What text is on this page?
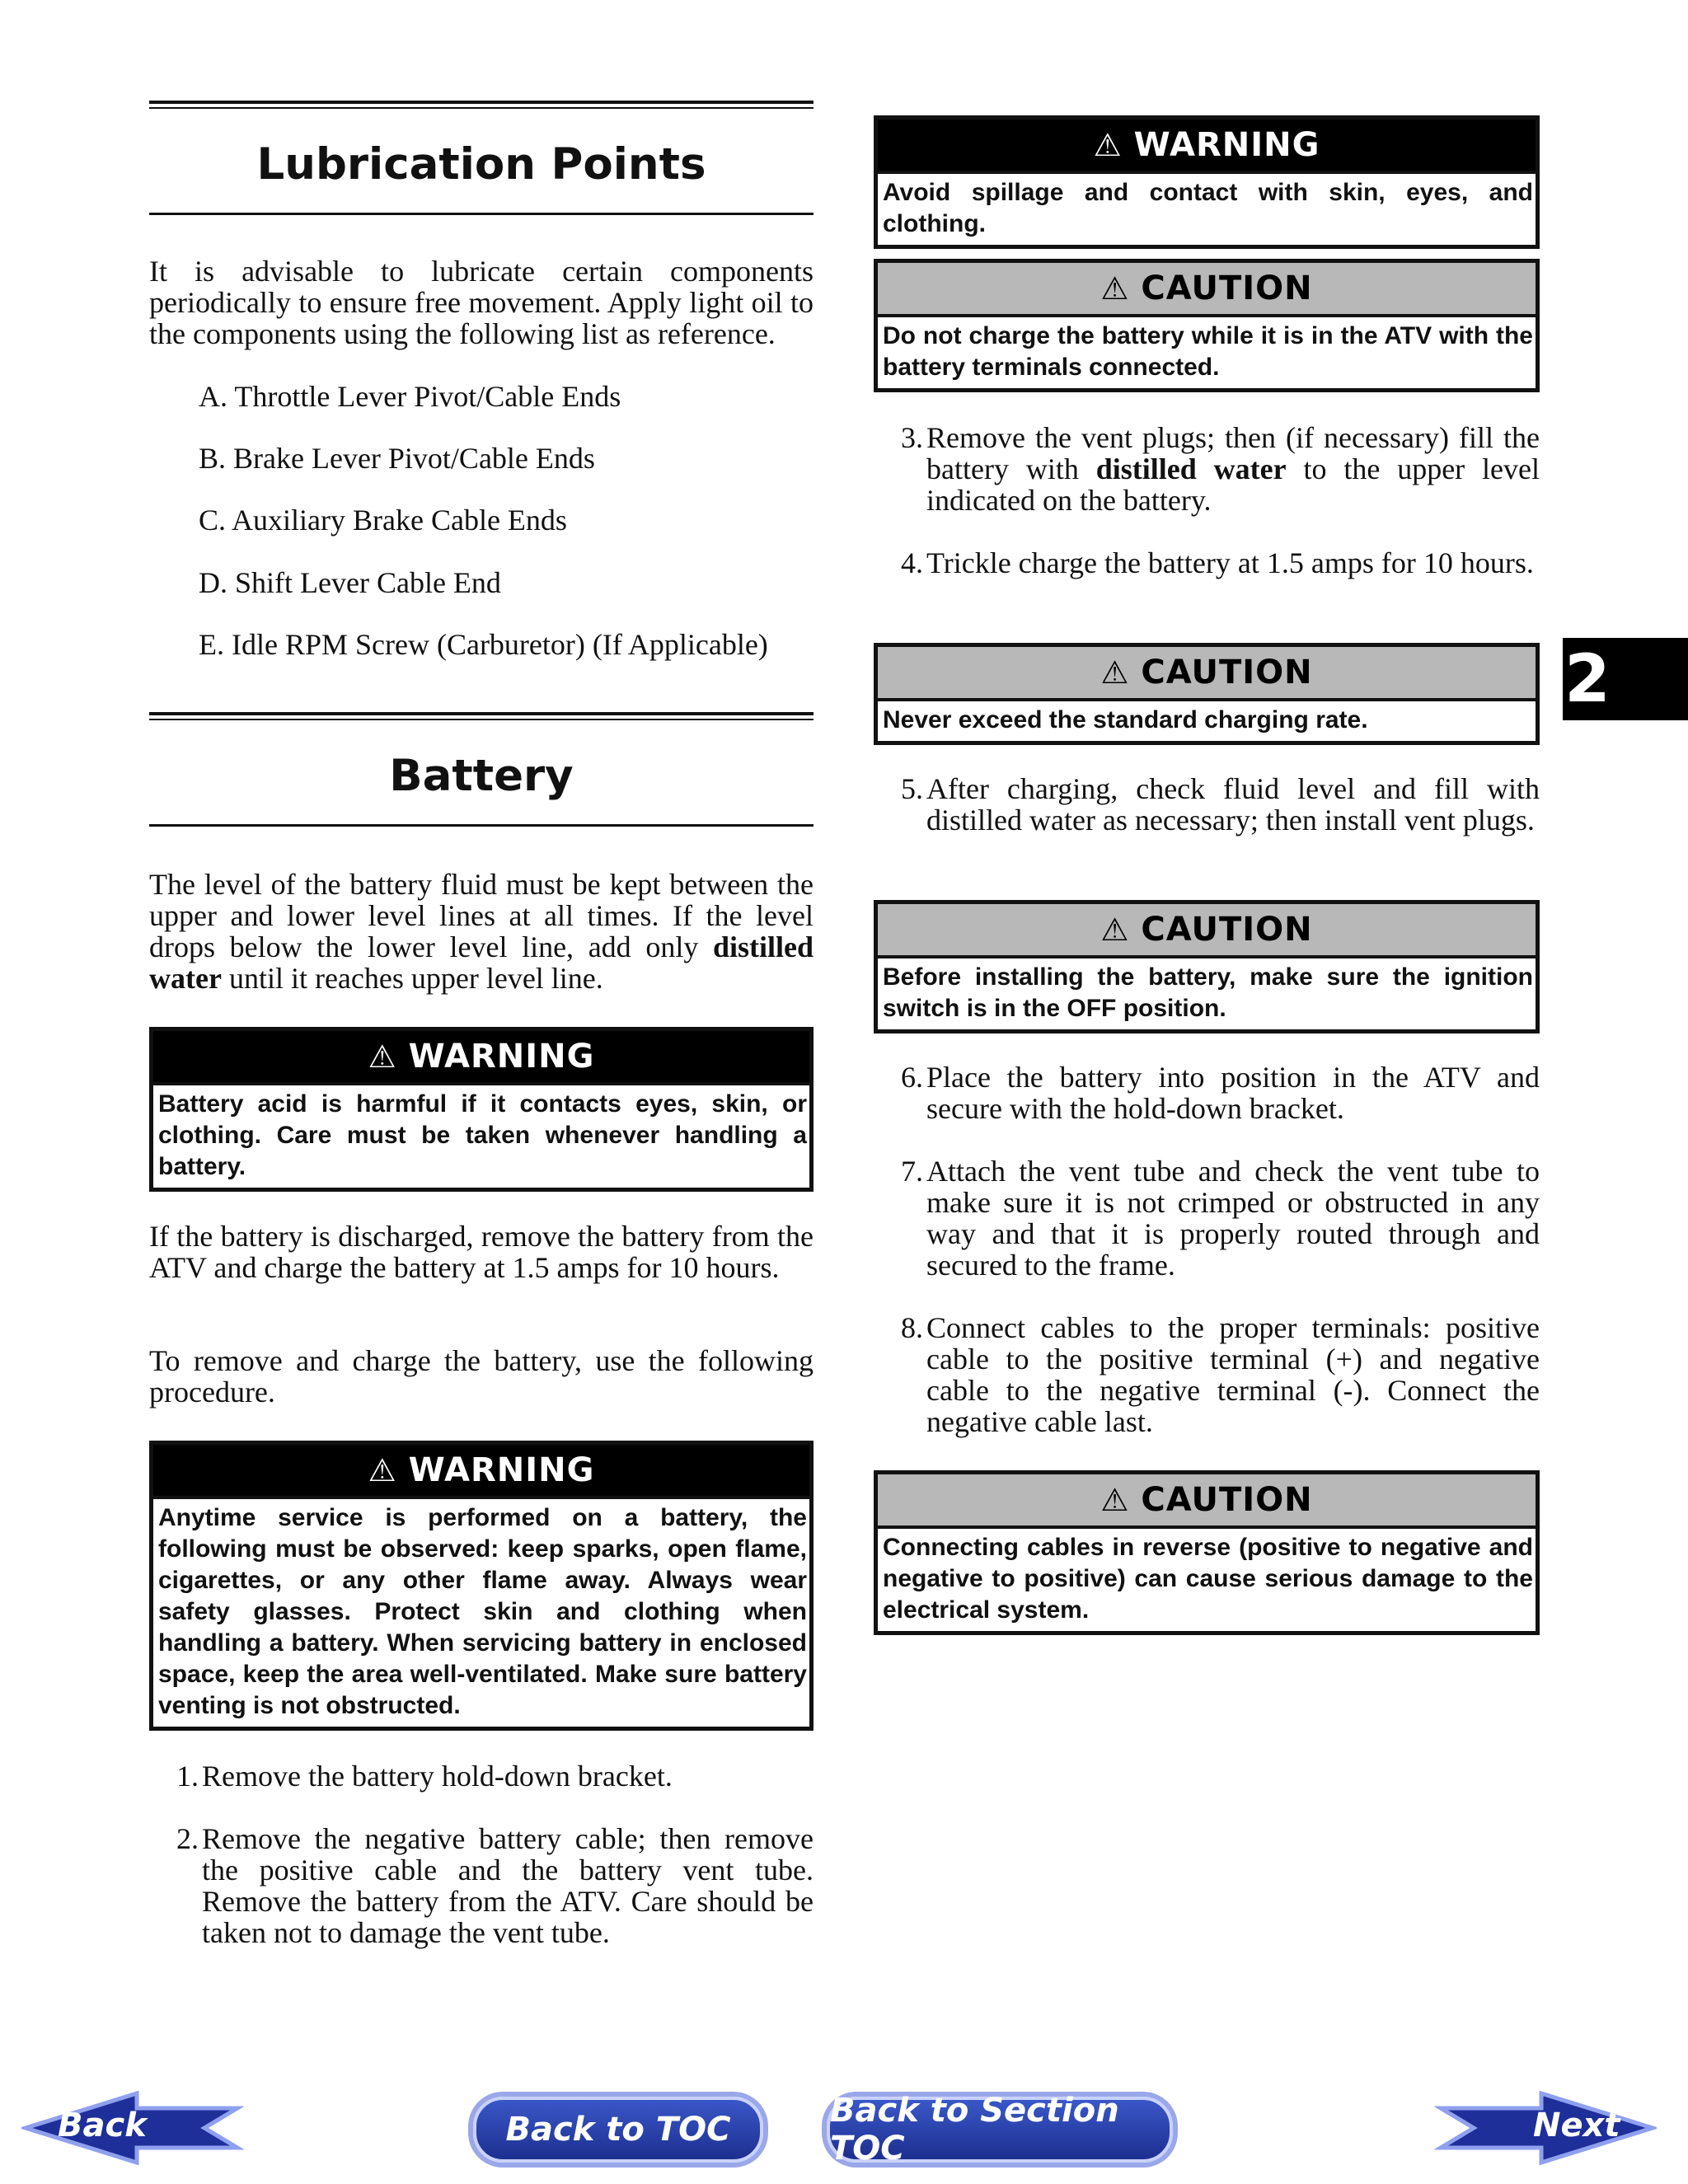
Lubrication Points

It is advisable to lubricate certain components periodically to ensure free movement. Apply light oil to the components using the following list as reference.

A. Throttle Lever Pivot/Cable Ends

B. Brake Lever Pivot/Cable Ends

C. Auxiliary Brake Cable Ends

D. Shift Lever Cable End

E. Idle RPM Screw (Carburetor) (If Applicable)

Battery

The level of the battery fluid must be kept between the upper and lower level lines at all times. If the level drops below the lower level line, add only distilled water until it reaches upper level line.

⚠ WARNING
Battery acid is harmful if it contacts eyes, skin, or clothing. Care must be taken whenever handling a battery.

If the battery is discharged, remove the battery from the ATV and charge the battery at 1.5 amps for 10 hours.

To remove and charge the battery, use the following procedure.

⚠ WARNING
Anytime service is performed on a battery, the following must be observed: keep sparks, open flame, cigarettes, or any other flame away. Always wear safety glasses. Protect skin and clothing when handling a battery. When servicing battery in enclosed space, keep the area well-ventilated. Make sure battery venting is not obstructed.
1. Remove the battery hold-down bracket.
2. Remove the negative battery cable; then remove the positive cable and the battery vent tube. Remove the battery from the ATV. Care should be taken not to damage the vent tube.
⚠ WARNING
Avoid spillage and contact with skin, eyes, and clothing.
⚠ CAUTION
Do not charge the battery while it is in the ATV with the battery terminals connected.
3. Remove the vent plugs; then (if necessary) fill the battery with distilled water to the upper level indicated on the battery.
4. Trickle charge the battery at 1.5 amps for 10 hours.
⚠ CAUTION
Never exceed the standard charging rate.
5. After charging, check fluid level and fill with distilled water as necessary; then install vent plugs.
⚠ CAUTION
Before installing the battery, make sure the ignition switch is in the OFF position.
6. Place the battery into position in the ATV and secure with the hold-down bracket.
7. Attach the vent tube and check the vent tube to make sure it is not crimped or obstructed in any way and that it is properly routed through and secured to the frame.
8. Connect cables to the proper terminals: positive cable to the positive terminal (+) and negative cable to the negative terminal (-). Connect the negative cable last.
⚠ CAUTION
Connecting cables in reverse (positive to negative and negative to positive) can cause serious damage to the electrical system.
2
Back	Back to TOC	Back to Section TOC
Next
